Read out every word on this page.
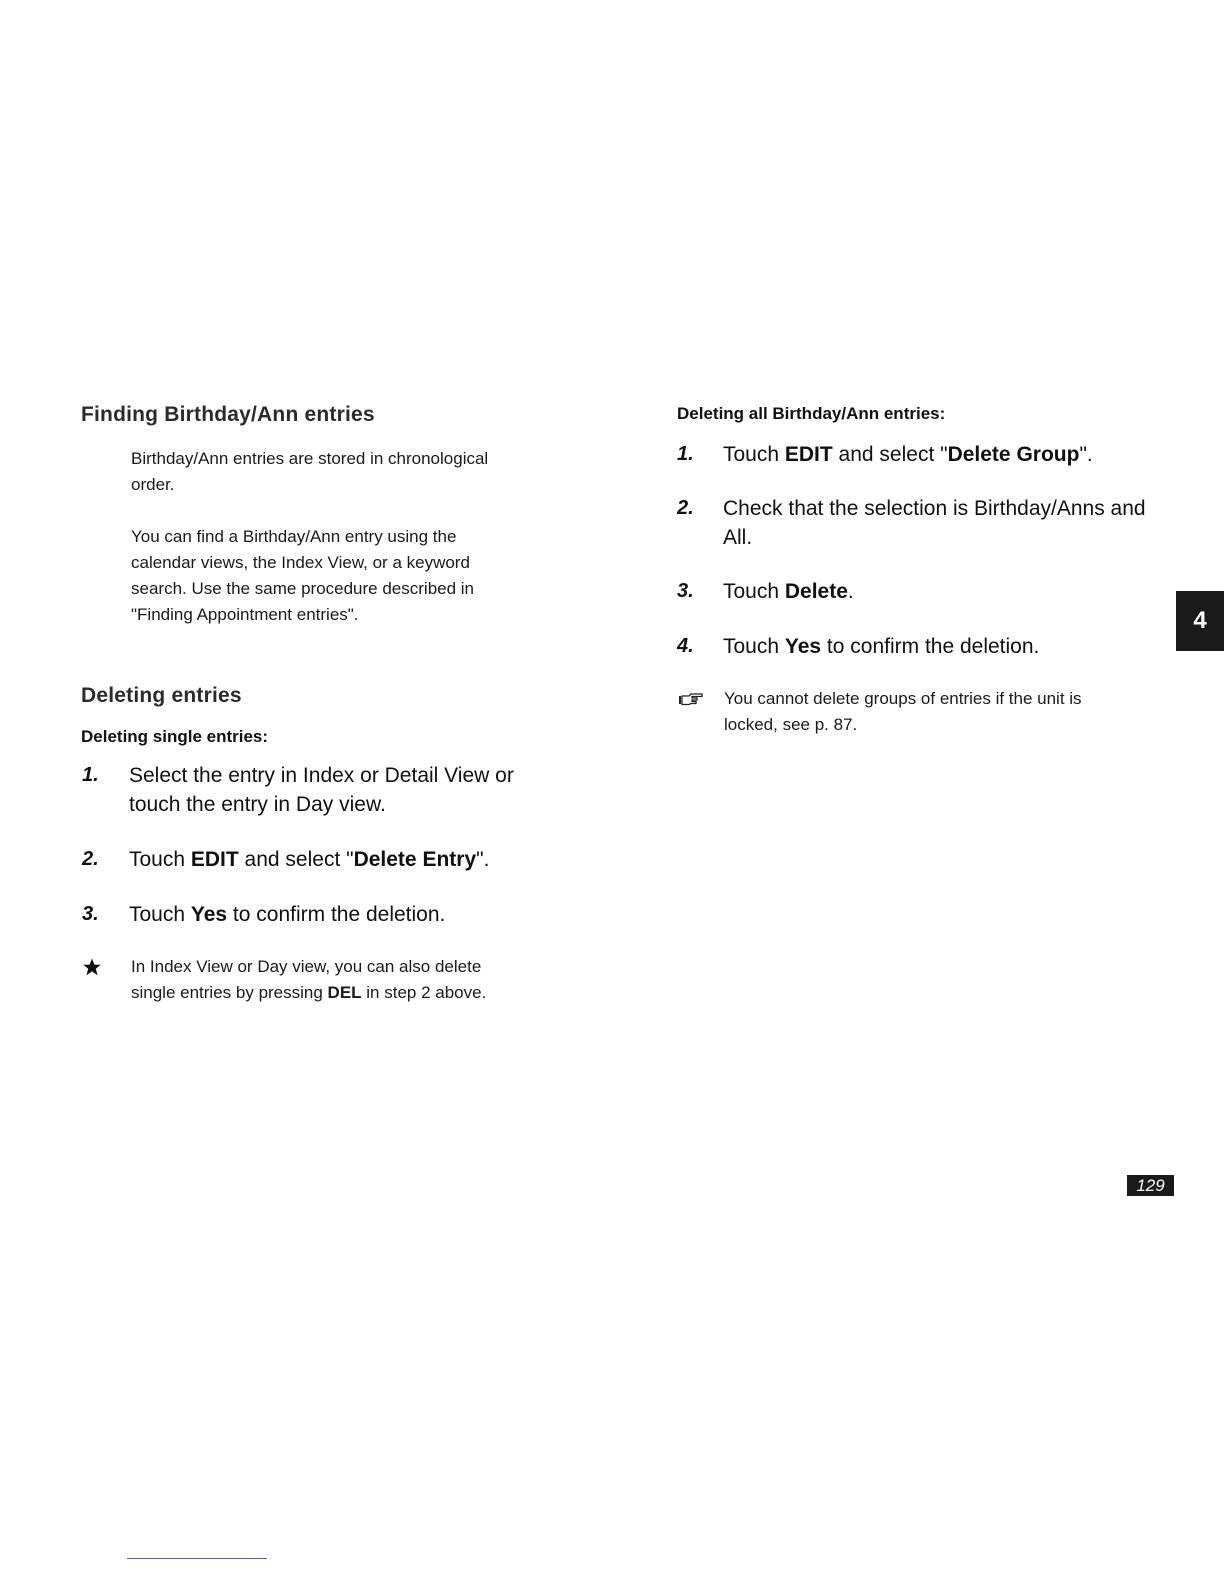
Finding Birthday/Ann entries
Birthday/Ann entries are stored in chronological
order.
You can find a Birthday/Ann entry using the
calendar views, the Index View, or a keyword
search. Use the same procedure described in
"Finding Appointment entries".
Deleting entries
Deleting single entries:
1. Select the entry in Index or Detail View or
touch the entry in Day view.
2. Touch EDIT and select "Delete Entry".
3. Touch Yes to confirm the deletion.
In Index View or Day view, you can also delete
single entries by pressing DEL in step 2 above.
Deleting all Birthday/Ann entries:
1. Touch EDIT and select "Delete Group".
2. Check that the selection is Birthday/Anns and
All.
3. Touch Delete.
4. Touch Yes to confirm the deletion.
You cannot delete groups of entries if the unit is
locked, see p. 87.
4
129
